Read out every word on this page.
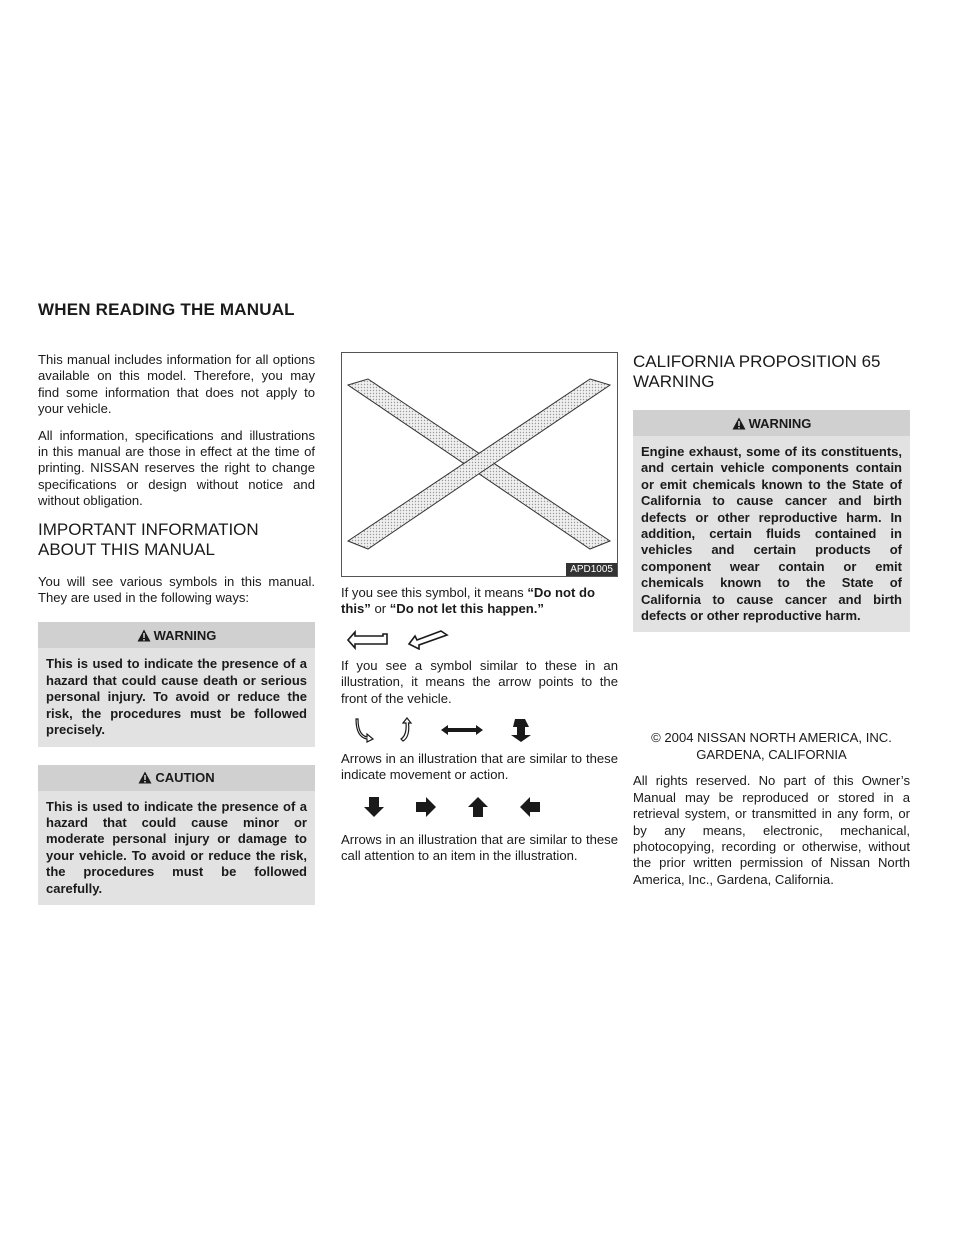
WHEN READING THE MANUAL

This manual includes information for all options available on this model. Therefore, you may find some information that does not apply to your vehicle.

All information, specifications and illustrations in this manual are those in effect at the time of printing. NISSAN reserves the right to change specifications or design without notice and without obligation.

IMPORTANT INFORMATION ABOUT THIS MANUAL

You will see various symbols in this manual. They are used in the following ways:

WARNING
This is used to indicate the presence of a hazard that could cause death or serious personal injury. To avoid or reduce the risk, the procedures must be followed precisely.
CAUTION
This is used to indicate the presence of a hazard that could cause minor or moderate personal injury or damage to your vehicle. To avoid or reduce the risk, the procedures must be followed carefully.
APD1005

If you see this symbol, it means “Do not do this” or “Do not let this happen.”

If you see a symbol similar to these in an illustration, it means the arrow points to the front of the vehicle.

Arrows in an illustration that are similar to these indicate movement or action.

Arrows in an illustration that are similar to these call attention to an item in the illustration.

CALIFORNIA PROPOSITION 65 WARNING
WARNING
Engine exhaust, some of its constituents, and certain vehicle components contain or emit chemicals known to the State of California to cause cancer and birth defects or other reproductive harm. In addition, certain fluids contained in vehicles and certain products of component wear contain or emit chemicals known to the State of California to cause cancer and birth defects or other reproductive harm.
© 2004 NISSAN NORTH AMERICA, INC.
GARDENA, CALIFORNIA

All rights reserved. No part of this Owner’s Manual may be reproduced or stored in a retrieval system, or transmitted in any form, or by any means, electronic, mechanical, photocopying, recording or otherwise, without the prior written permission of Nissan North America, Inc., Gardena, California.
